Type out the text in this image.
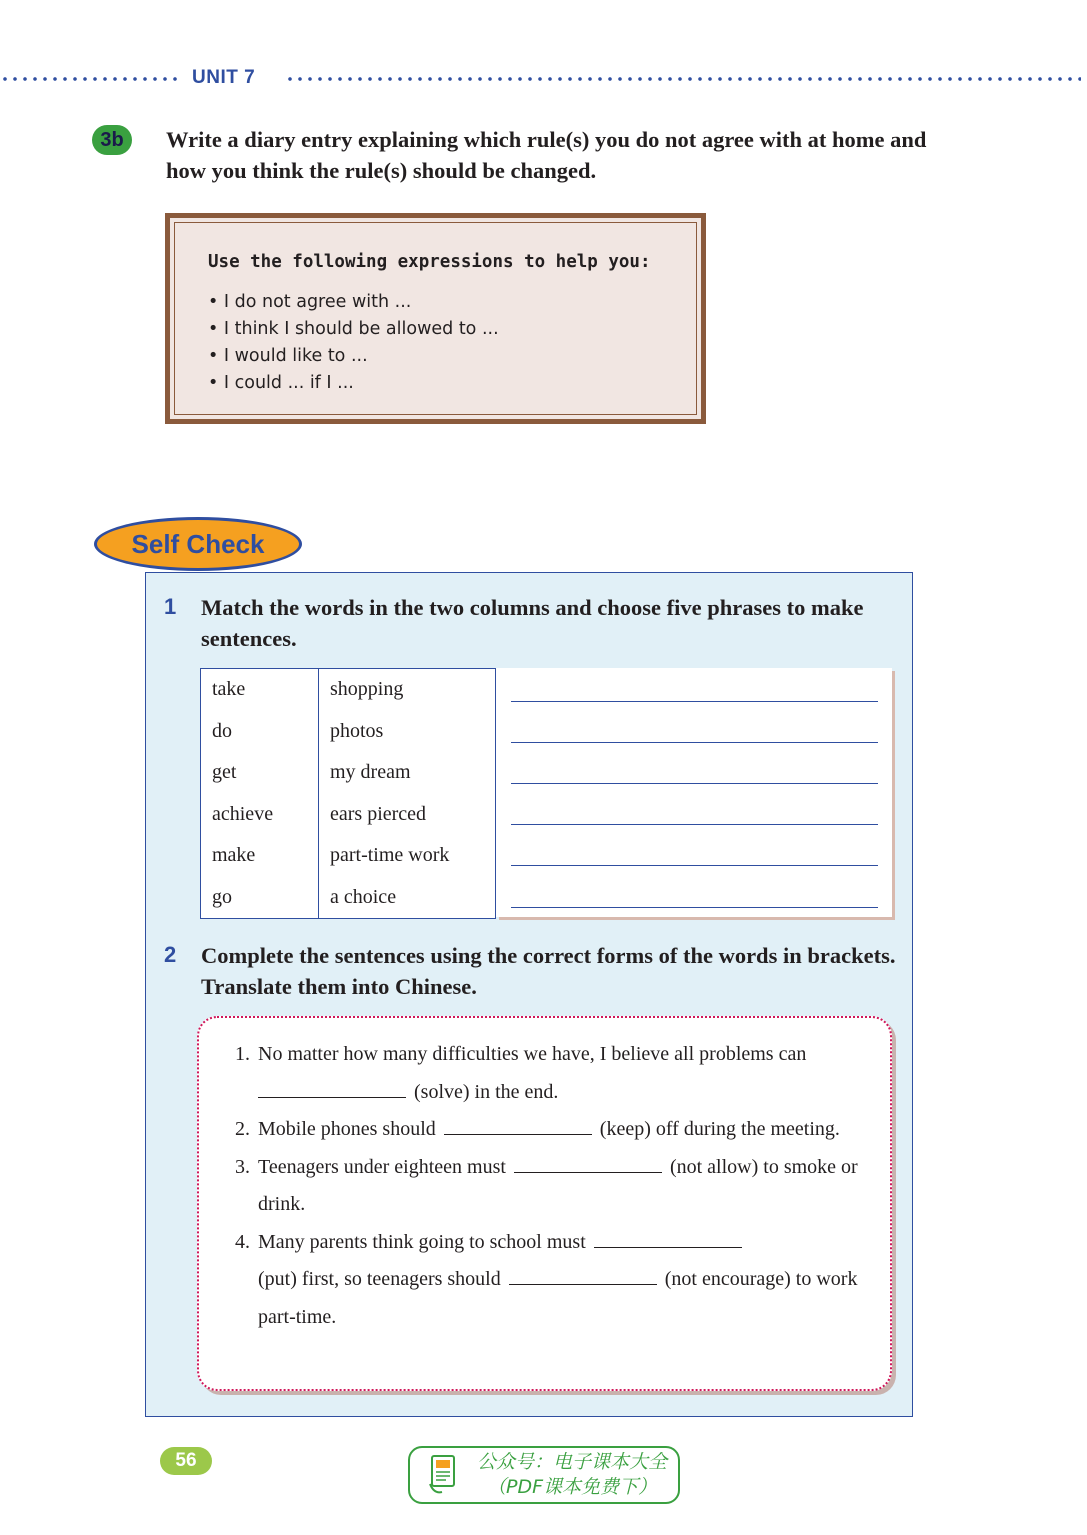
UNIT 7
3b	Write a diary entry explaining which rule(s) you do not agree with at home and how you think the rule(s) should be changed.
Use the following expressions to help you:
• I do not agree with ...
• I think I should be allowed to ...
• I would like to ...
• I could ... if I ...
Self Check
1 Match the words in the two columns and choose five phrases to make sentences.
take	shopping
do	photos
get	my dream
achieve	ears pierced
make	part-time work
go	a choice
2 Complete the sentences using the correct forms of the words in brackets. Translate them into Chinese.
1. No matter how many difficulties we have, I believe all problems can
(solve) in the end.
2. Mobile phones should	(keep) off during the meeting.
3. Teenagers under eighteen must	(not allow) to smoke or drink.
4. Many parents think going to school must
(put) first, so teenagers should	(not encourage) to work part-time.
56	公众号：电子课本大全
（PDF课本免费下）
